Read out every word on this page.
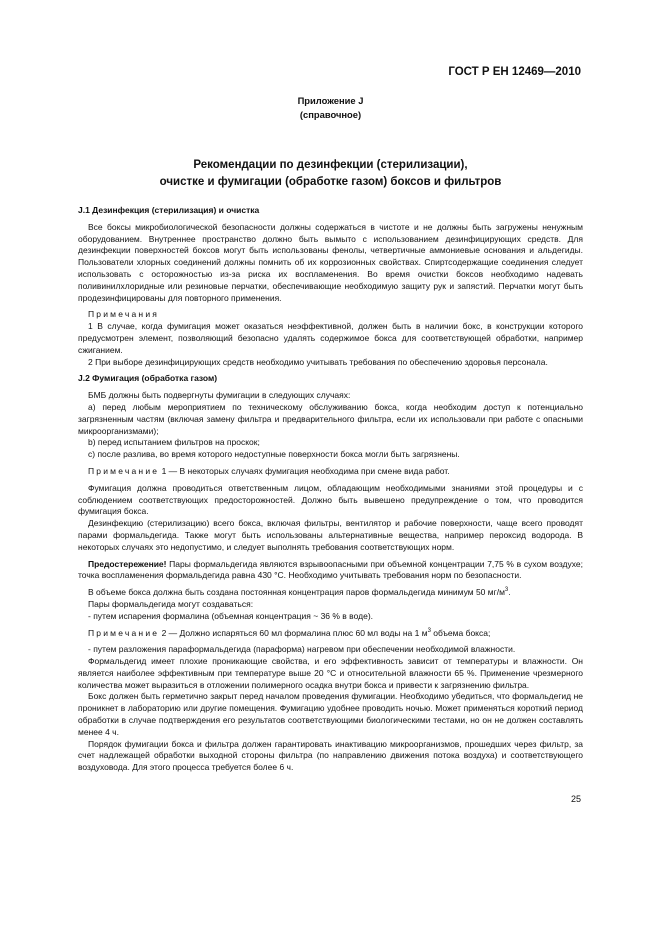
ГОСТ Р ЕН 12469—2010
Приложение J
(справочное)
Рекомендации по дезинфекции (стерилизации),
очистке и фумигации (обработке газом) боксов и фильтров

J.1 Дезинфекция (стерилизация) и очистка

Все боксы микробиологической безопасности должны содержаться в чистоте и не должны быть загружены ненужным оборудованием. Внутреннее пространство должно быть вымыто с использованием дезинфицирующих средств. Для дезинфекции поверхностей боксов могут быть использованы фенолы, четвертичные аммониевые основания и альдегиды. Пользователи хлорных соединений должны помнить об их коррозионных свойствах. Спиртсодержащие соединения следует использовать с осторожностью из-за риска их воспламенения. Во время очистки боксов необходимо надевать поливинилхлоридные или резиновые перчатки, обеспечивающие необходимую защиту рук и запястий. Перчатки могут быть продезинфицированы для повторного применения.

Примечания

1 В случае, когда фумигация может оказаться неэффективной, должен быть в наличии бокс, в конструкции которого предусмотрен элемент, позволяющий безопасно удалять содержимое бокса для соответствующей обработки, например сжиганием.

2 При выборе дезинфицирующих средств необходимо учитывать требования по обеспечению здоровья персонала.

J.2 Фумигация (обработка газом)

БМБ должны быть подвергнуты фумигации в следующих случаях:

а) перед любым мероприятием по техническому обслуживанию бокса, когда необходим доступ к потенциально загрязненным частям (включая замену фильтра и предварительного фильтра, если их использовали при работе с опасными микроорганизмами);

b) перед испытанием фильтров на проскок;

c) после разлива, во время которого недоступные поверхности бокса могли быть загрязнены.

Примечание 1 — В некоторых случаях фумигация необходима при смене вида работ.

Фумигация должна проводиться ответственным лицом, обладающим необходимыми знаниями этой процедуры и с соблюдением соответствующих предосторожностей. Должно быть вывешено предупреждение о том, что проводится фумигация бокса.

Дезинфекцию (стерилизацию) всего бокса, включая фильтры, вентилятор и рабочие поверхности, чаще всего проводят парами формальдегида. Также могут быть использованы альтернативные вещества, например пероксид водорода. В некоторых случаях это недопустимо, и следует выполнять требования соответствующих норм.

Предостережение! Пары формальдегида являются взрывоопасными при объемной концентрации 7,75 % в сухом воздухе; точка воспламенения формальдегида равна 430 °С. Необходимо учитывать требования норм по безопасности.

В объеме бокса должна быть создана постоянная концентрация паров формальдегида минимум 50 $мг/м^3$.

Пары формальдегида могут создаваться:

- путем испарения формалина (объемная концентрация ~ 36 % в воде).

Примечание 2 — Должно испаряться 60 мл формалина плюс 60 мл воды на 1 $м^3$ объема бокса;

- путем разложения параформальдегида (параформа) нагревом при обеспечении необходимой влажности.

Формальдегид имеет плохие проникающие свойства, и его эффективность зависит от температуры и влажности. Он является наиболее эффективным при температуре выше 20 °С и относительной влажности 65 %. Применение чрезмерного количества может выразиться в отложении полимерного осадка внутри бокса и привести к загрязнению фильтра.

Бокс должен быть герметично закрыт перед началом проведения фумигации. Необходимо убедиться, что формальдегид не проникнет в лабораторию или другие помещения. Фумигацию удобнее проводить ночью. Может применяться короткий период обработки в случае подтверждения его результатов соответствующими биологическими тестами, но он не должен составлять менее 4 ч.

Порядок фумигации бокса и фильтра должен гарантировать инактивацию микроорганизмов, прошедших через фильтр, за счет надлежащей обработки выходной стороны фильтра (по направлению движения потока воздуха) и соответствующего воздуховода. Для этого процесса требуется более 6 ч.

25
